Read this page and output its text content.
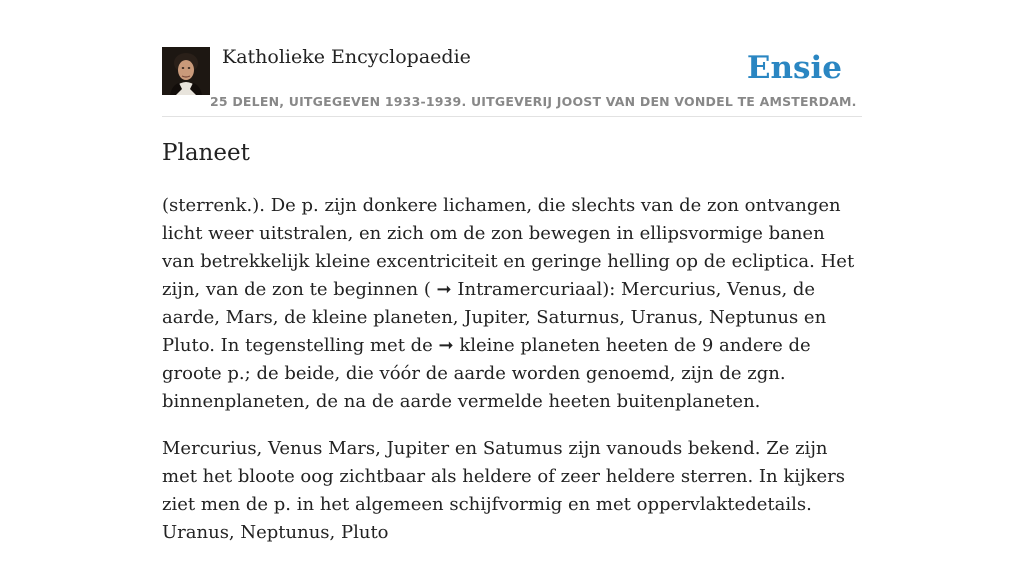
Katholieke Encyclopaedie
25 DELEN, UITGEGEVEN 1933-1939. UITGEVERIJ JOOST VAN DEN VONDEL TE AMSTERDAM.
Ensie
Planeet

(sterrenk.). De p. zijn donkere lichamen, die slechts van de zon ontvangen licht weer uitstralen, en zich om de zon bewegen in ellipsvormige banen van betrekkelijk kleine excentriciteit en geringe helling op de ecliptica. Het zijn, van de zon te beginnen ( ➞ Intramercuriaal): Mercurius, Venus, de aarde, Mars, de kleine planeten, Jupiter, Saturnus, Uranus, Neptunus en Pluto. In tegenstelling met de ➞ kleine planeten heeten de 9 andere de groote p.; de beide, die vóór de aarde worden genoemd, zijn de zgn. binnenplaneten, de na de aarde vermelde heeten buitenplaneten.

Mercurius, Venus Mars, Jupiter en Satumus zijn vanouds bekend. Ze zijn met het bloote oog zichtbaar als heldere of zeer heldere sterren. In kijkers ziet men de p. in het algemeen schijfvormig en met oppervlaktedetails. Uranus, Neptunus, Pluto
